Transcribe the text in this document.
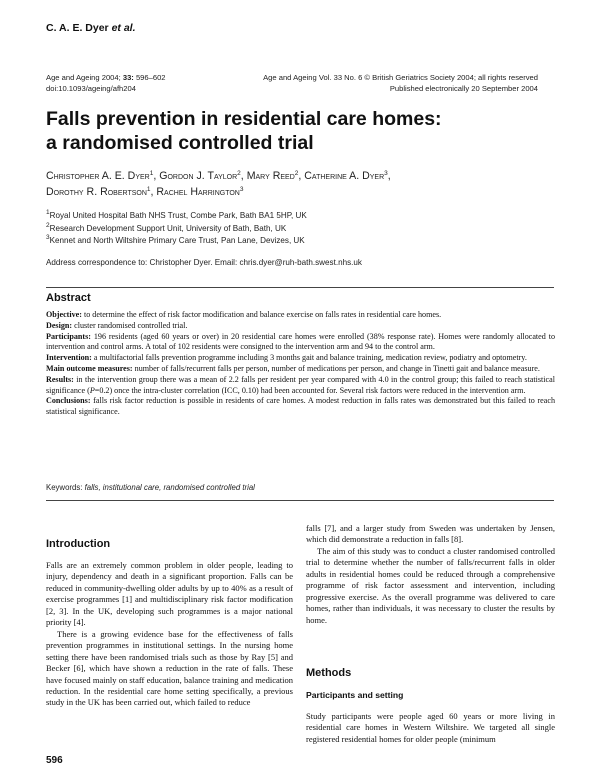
C. A. E. Dyer et al.
Age and Ageing 2004; 33: 596–602
doi:10.1093/ageing/afh204
Age and Ageing Vol. 33 No. 6 © British Geriatrics Society 2004; all rights reserved
Published electronically 20 September 2004
Falls prevention in residential care homes:
a randomised controlled trial
Christopher A. E. Dyer$^1$, Gordon J. Taylor$^2$, Mary Reed$^2$, Catherine A. Dyer$^3$,
Dorothy R. Robertson$^1$, Rachel Harrington$^3$
$^1$Royal United Hospital Bath NHS Trust, Combe Park, Bath BA1 5HP, UK
$^2$Research Development Support Unit, University of Bath, Bath, UK
$^3$Kennet and North Wiltshire Primary Care Trust, Pan Lane, Devizes, UK
Address correspondence to: Christopher Dyer. Email: chris.dyer@ruh-bath.swest.nhs.uk
Abstract

Objective: to determine the effect of risk factor modification and balance exercise on falls rates in residential care homes.

Design: cluster randomised controlled trial.

Participants: 196 residents (aged 60 years or over) in 20 residential care homes were enrolled (38% response rate). Homes were randomly allocated to intervention and control arms. A total of 102 residents were consigned to the intervention arm and 94 to the control arm.

Intervention: a multifactorial falls prevention programme including 3 months gait and balance training, medication review, podiatry and optometry.

Main outcome measures: number of falls/recurrent falls per person, number of medications per person, and change in Tinetti gait and balance measure.

Results: in the intervention group there was a mean of 2.2 falls per resident per year compared with 4.0 in the control group; this failed to reach statistical significance (P=0.2) once the intra-cluster correlation (ICC, 0.10) had been accounted for. Several risk factors were reduced in the intervention arm.

Conclusions: falls risk factor reduction is possible in residents of care homes. A modest reduction in falls rates was demonstrated but this failed to reach statistical significance.

Keywords: falls, institutional care, randomised controlled trial
Introduction

Falls are an extremely common problem in older people, leading to injury, dependency and death in a significant proportion. Falls can be reduced in community-dwelling older adults by up to 40% as a result of exercise programmes [1] and multidisciplinary risk factor modification [2, 3]. In the UK, developing such programmes is a major national priority [4].

There is a growing evidence base for the effectiveness of falls prevention programmes in institutional settings. In the nursing home setting there have been randomised trials such as those by Ray [5] and Becker [6], which have shown a reduction in the rate of falls. These have focused mainly on staff education, balance training and medication reduction. In the residential care home setting specifically, a previous study in the UK has been carried out, which failed to reduce

falls [7], and a larger study from Sweden was undertaken by Jensen, which did demonstrate a reduction in falls [8].

The aim of this study was to conduct a cluster randomised controlled trial to determine whether the number of falls/recurrent falls in older adults in residential homes could be reduced through a comprehensive programme of risk factor assessment and intervention, including progressive exercise. As the overall programme was delivered to care homes, rather than individuals, it was necessary to cluster the results by home.

Methods
Participants and setting

Study participants were people aged 60 years or more living in residential care homes in Western Wiltshire. We targeted all single registered residential homes for older people (minimum

596
